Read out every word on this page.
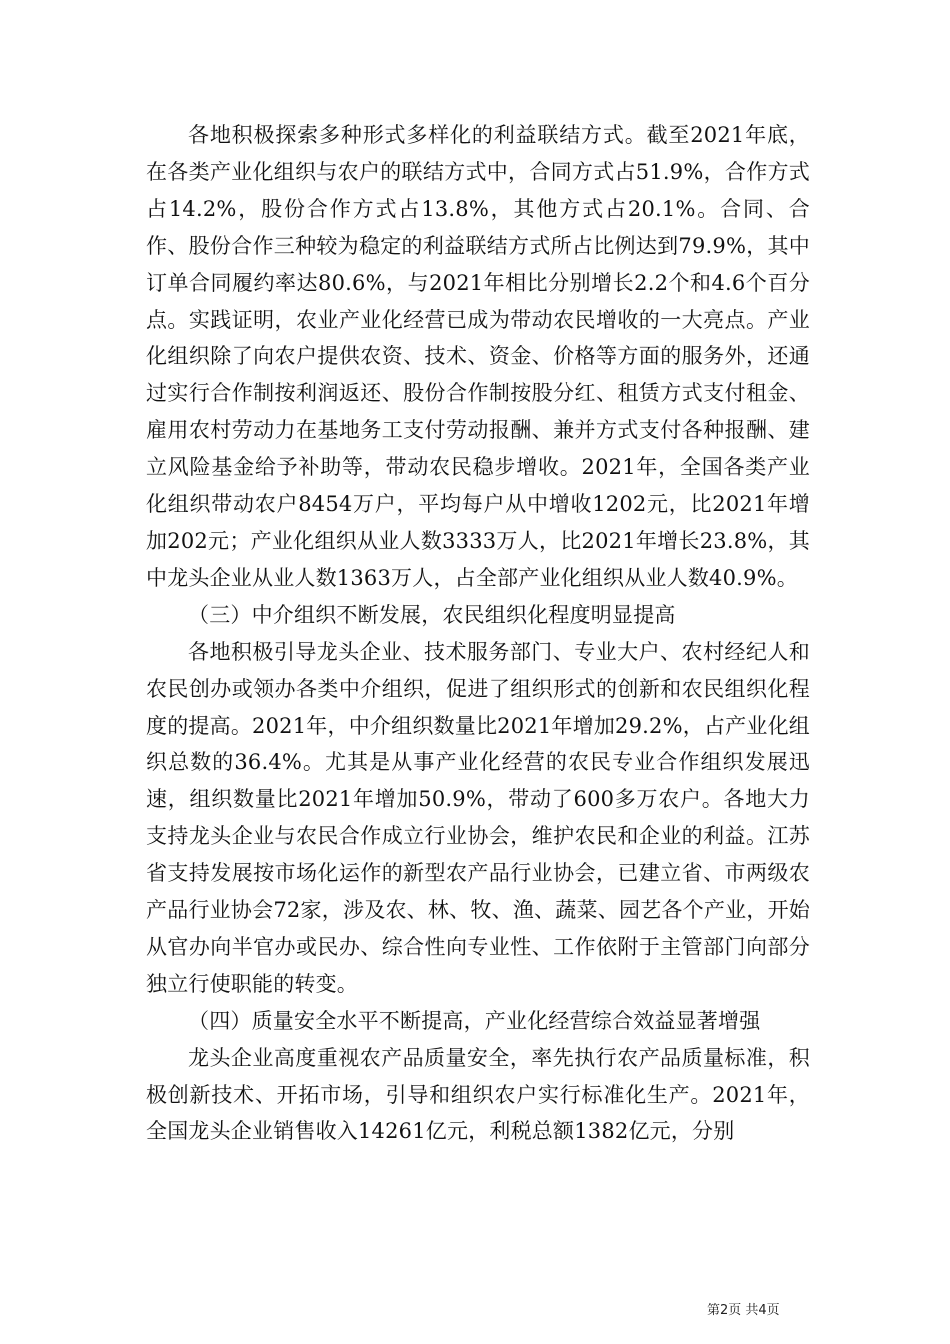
各地积极探索多种形式多样化的利益联结方式。截至2021年底，在各类产业化组织与农户的联结方式中，合同方式占51.9%，合作方式占14.2%，股份合作方式占13.8%，其他方式占20.1%。合同、合作、股份合作三种较为稳定的利益联结方式所占比例达到79.9%，其中订单合同履约率达80.6%，与2021年相比分别增长2.2个和4.6个百分点。实践证明，农业产业化经营已成为带动农民增收的一大亮点。产业化组织除了向农户提供农资、技术、资金、价格等方面的服务外，还通过实行合作制按利润返还、股份合作制按股分红、租赁方式支付租金、雇用农村劳动力在基地务工支付劳动报酬、兼并方式支付各种报酬、建立风险基金给予补助等，带动农民稳步增收。2021年，全国各类产业化组织带动农户8454万户，平均每户从中增收1202元，比2021年增加202元；产业化组织从业人数3333万人，比2021年增长23.8%，其中龙头企业从业人数1363万人，占全部产业化组织从业人数40.9%。

（三）中介组织不断发展，农民组织化程度明显提高

各地积极引导龙头企业、技术服务部门、专业大户、农村经纪人和农民创办或领办各类中介组织，促进了组织形式的创新和农民组织化程度的提高。2021年，中介组织数量比2021年增加29.2%，占产业化组织总数的36.4%。尤其是从事产业化经营的农民专业合作组织发展迅速，组织数量比2021年增加50.9%，带动了600多万农户。各地大力支持龙头企业与农民合作成立行业协会，维护农民和企业的利益。江苏省支持发展按市场化运作的新型农产品行业协会，已建立省、市两级农产品行业协会72家，涉及农、林、牧、渔、蔬菜、园艺各个产业，开始从官办向半官办或民办、综合性向专业性、工作依附于主管部门向部分独立行使职能的转变。

（四）质量安全水平不断提高，产业化经营综合效益显著增强

龙头企业高度重视农产品质量安全，率先执行农产品质量标准，积极创新技术、开拓市场，引导和组织农户实行标准化生产。2021年，全国龙头企业销售收入14261亿元，利税总额1382亿元，分别

第2页 共4页
